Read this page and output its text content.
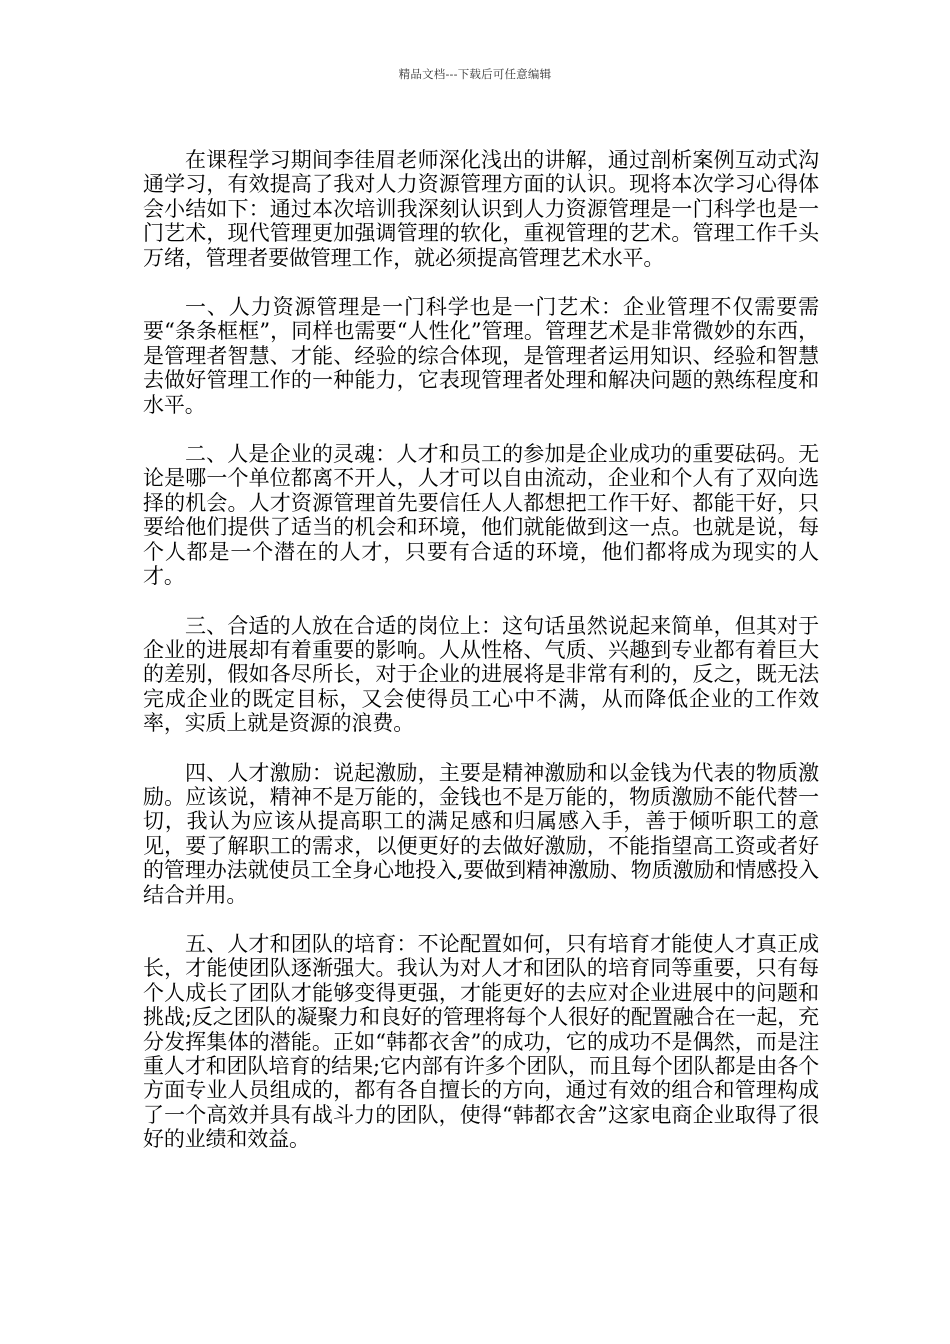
精品文档---下载后可任意编辑

在课程学习期间李徍眉老师深化浅出的讲解，通过剖析案例互动式沟通学习，有效提高了我对人力资源管理方面的认识。现将本次学习心得体会小结如下：通过本次培训我深刻认识到人力资源管理是一门科学也是一门艺术，现代管理更加强调管理的软化，重视管理的艺术。管理工作千头万绪，管理者要做管理工作，就必须提高管理艺术水平。

一、人力资源管理是一门科学也是一门艺术：企业管理不仅需要需要“条条框框”，同样也需要“人性化”管理。管理艺术是非常微妙的东西，是管理者智慧、才能、经验的综合体现，是管理者运用知识、经验和智慧去做好管理工作的一种能力，它表现管理者处理和解决问题的熟练程度和水平。

二、人是企业的灵魂：人才和员工的参加是企业成功的重要砝码。无论是哪一个单位都离不开人，人才可以自由流动，企业和个人有了双向选择的机会。人才资源管理首先要信任人人都想把工作干好、都能干好，只要给他们提供了适当的机会和环境，他们就能做到这一点。也就是说，每个人都是一个潜在的人才，只要有合适的环境，他们都将成为现实的人才。

三、合适的人放在合适的岗位上：这句话虽然说起来简单，但其对于企业的进展却有着重要的影响。人从性格、气质、兴趣到专业都有着巨大的差别，假如各尽所长，对于企业的进展将是非常有利的，反之，既无法完成企业的既定目标，又会使得员工心中不满，从而降低企业的工作效率，实质上就是资源的浪费。

四、人才激励：说起激励，主要是精神激励和以金钱为代表的物质激励。应该说，精神不是万能的，金钱也不是万能的，物质激励不能代替一切，我认为应该从提高职工的满足感和归属感入手，善于倾听职工的意见，要了解职工的需求，以便更好的去做好激励，不能指望高工资或者好的管理办法就使员工全身心地投入,要做到精神激励、物质激励和情感投入结合并用。

五、人才和团队的培育：不论配置如何，只有培育才能使人才真正成长，才能使团队逐渐强大。我认为对人才和团队的培育同等重要，只有每个人成长了团队才能够变得更强，才能更好的去应对企业进展中的问题和挑战;反之团队的凝聚力和良好的管理将每个人很好的配置融合在一起，充分发挥集体的潜能。正如“韩都衣舍”的成功，它的成功不是偶然，而是注重人才和团队培育的结果;它内部有许多个团队，而且每个团队都是由各个方面专业人员组成的，都有各自擅长的方向，通过有效的组合和管理构成了一个高效并具有战斗力的团队，使得“韩都衣舍”这家电商企业取得了很好的业绩和效益。
